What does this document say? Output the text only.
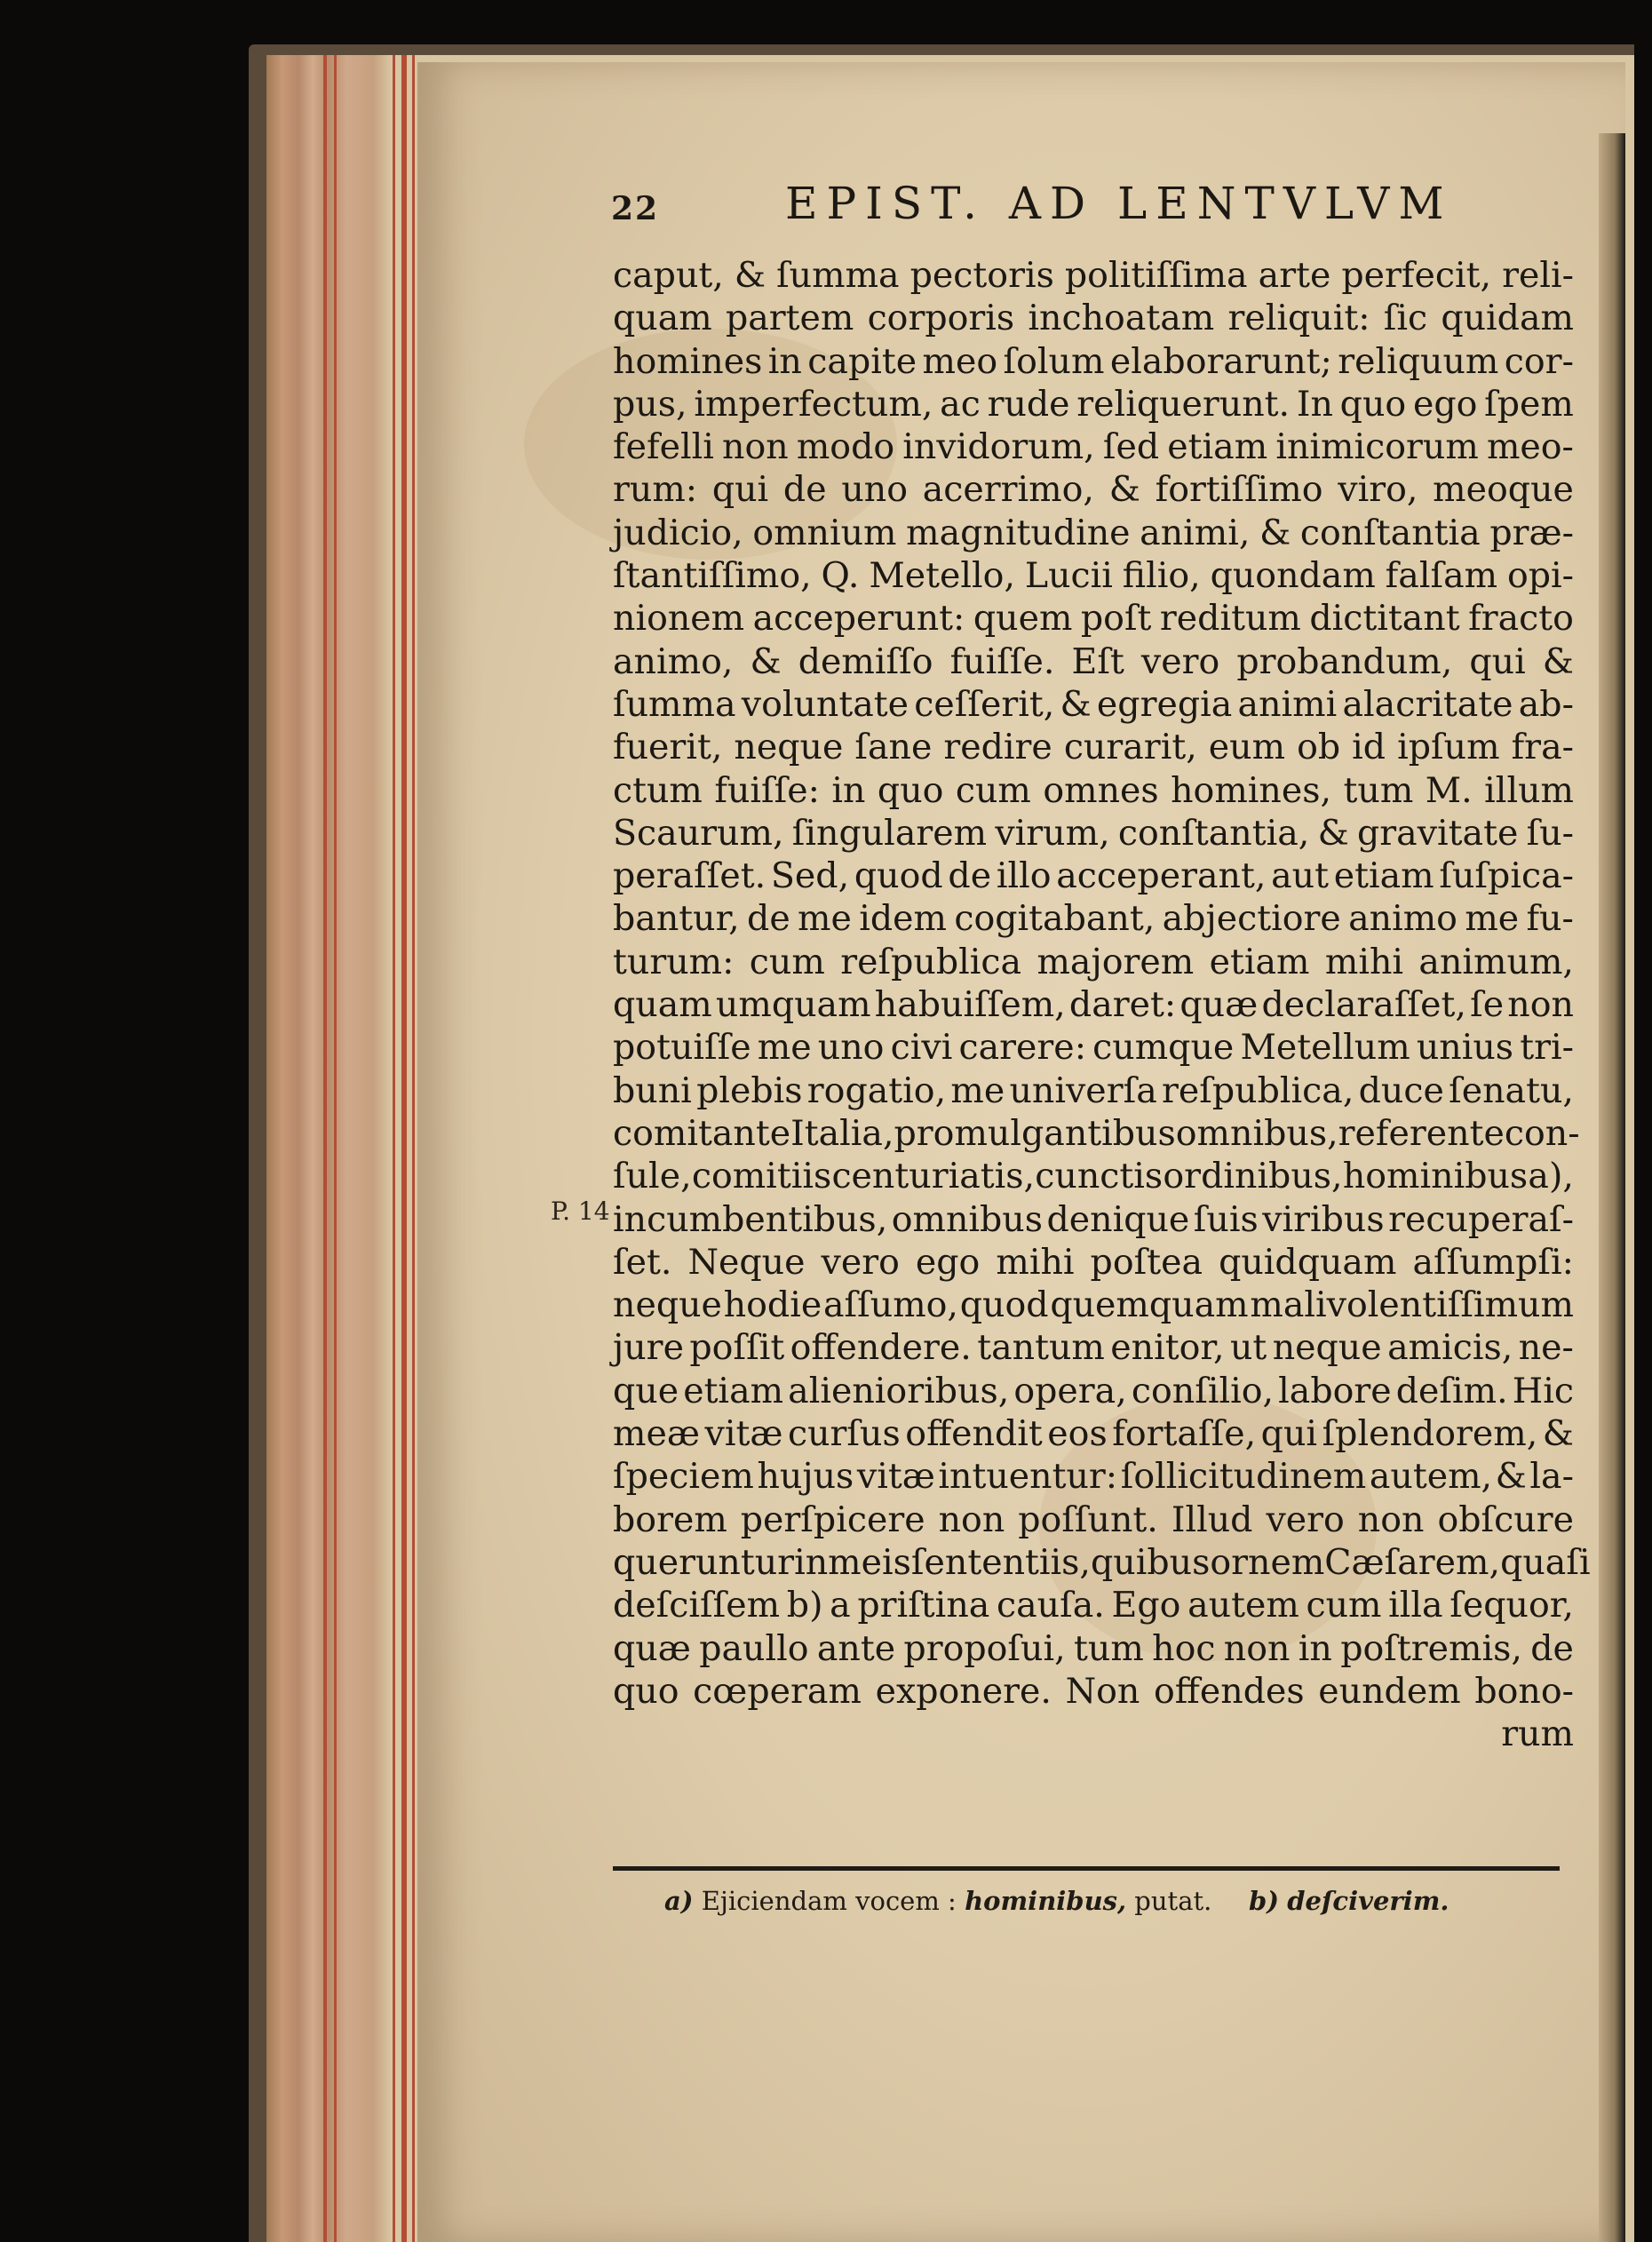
22	EPIST. AD LENTVLVM
caput, & ſumma pectoris politiſſima arte perfecit, reli-
quam partem corporis inchoatam reliquit: ſic quidam
homines in capite meo ſolum elaborarunt; reliquum cor-
pus, imperfectum, ac rude reliquerunt. In quo ego ſpem
fefelli non modo invidorum, ſed etiam inimicorum meo-
rum: qui de uno acerrimo, & fortiſſimo viro, meoque
judicio, omnium magnitudine animi, & conſtantia præ-
ſtantiſſimo, Q. Metello, Lucii filio, quondam falſam opi-
nionem acceperunt: quem poſt reditum dictitant fracto
animo, & demiſſo fuiſſe. Eſt vero probandum, qui &
ſumma voluntate ceſſerit, & egregia animi alacritate ab-
fuerit, neque ſane redire curarit, eum ob id ipſum fra-
ctum fuiſſe: in quo cum omnes homines, tum M. illum
Scaurum, ſingularem virum, conſtantia, & gravitate ſu-
peraſſet. Sed, quod de illo acceperant, aut etiam ſuſpica-
bantur, de me idem cogitabant, abjectiore animo me fu-
turum: cum reſpublica majorem etiam mihi animum,
quam umquam habuiſſem, daret: quæ declaraſſet, ſe non
potuiſſe me uno civi carere: cumque Metellum unius tri-
buni plebis rogatio, me univerſa reſpublica, duce ſenatu,
comitante Italia, promulgantibus omnibus, referente con-
ſule, comitiis centuriatis, cunctis ordinibus, hominibus a),
incumbentibus, omnibus denique ſuis viribus recuperaſ-
ſet. Neque vero ego mihi poſtea quidquam aſſumpſi:
neque hodie aſſumo, quod quemquam malivolentiſſimum
jure poſſit offendere. tantum enitor, ut neque amicis, ne-
que etiam alienioribus, opera, conſilio, labore deſim. Hic
meæ vitæ curſus offendit eos fortaſſe, qui ſplendorem, &
ſpeciem hujus vitæ intuentur: ſollicitudinem autem, & la-
borem perſpicere non poſſunt. Illud vero non obſcure
queruntur in meis ſententiis, quibus ornem Cæſarem, quaſi
deſciſſem b) a priſtina cauſa. Ego autem cum illa ſequor,
quæ paullo ante propoſui, tum hoc non in poſtremis, de
quo cœperam exponere. Non offendes eundem bono-
rum
P. 14
a) Ejiciendam vocem : hominibus, putat. b) deſciverim.
